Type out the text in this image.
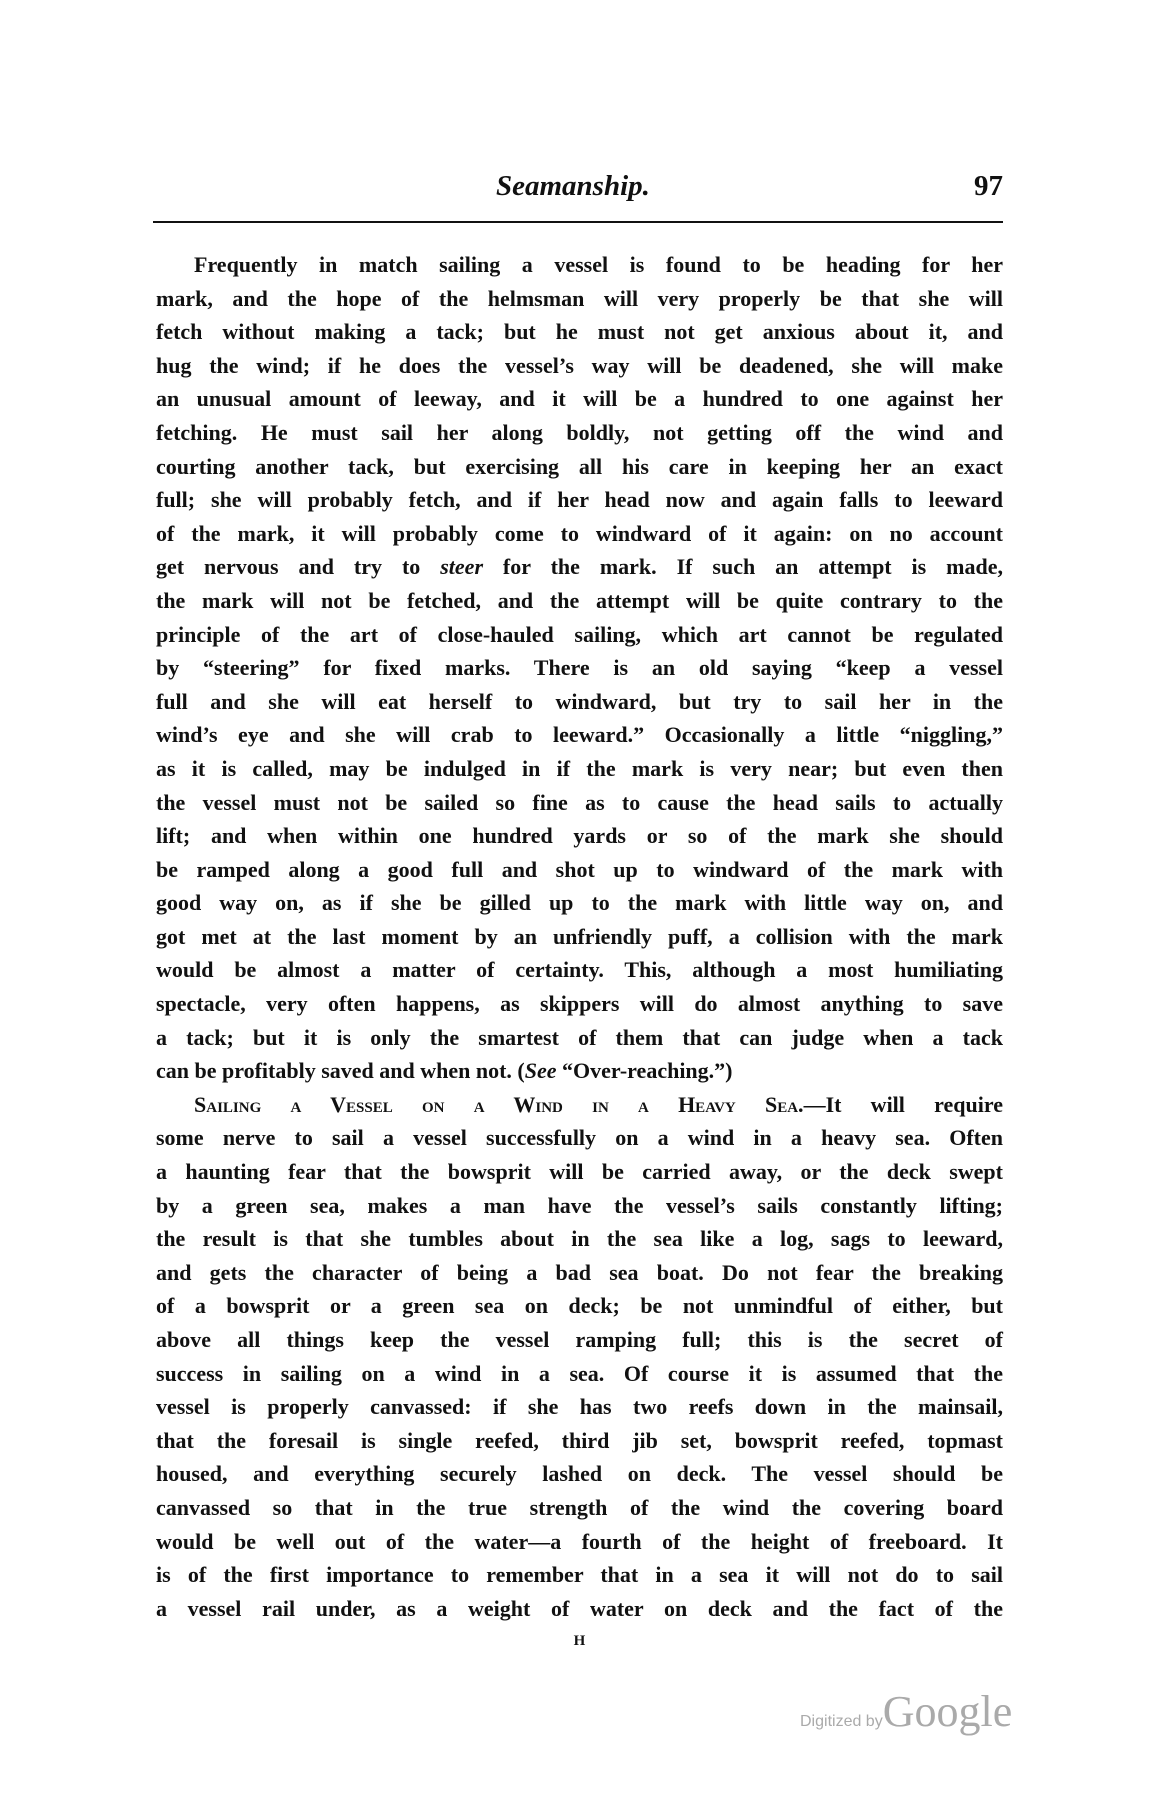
Seamanship.	97
Frequently in match sailing a vessel is found to be heading for her
mark, and the hope of the helmsman will very properly be that she will
fetch without making a tack; but he must not get anxious about it, and
hug the wind; if he does the vessel’s way will be deadened, she will make
an unusual amount of leeway, and it will be a hundred to one against her
fetching. He must sail her along boldly, not getting off the wind and
courting another tack, but exercising all his care in keeping her an exact
full; she will probably fetch, and if her head now and again falls to leeward
of the mark, it will probably come to windward of it again: on no account
get nervous and try to steer for the mark. If such an attempt is made,
the mark will not be fetched, and the attempt will be quite contrary to the
principle of the art of close-hauled sailing, which art cannot be regulated
by “steering” for fixed marks. There is an old saying “keep a vessel
full and she will eat herself to windward, but try to sail her in the
wind’s eye and she will crab to leeward.” Occasionally a little “niggling,”
as it is called, may be indulged in if the mark is very near; but even then
the vessel must not be sailed so fine as to cause the head sails to actually
lift; and when within one hundred yards or so of the mark she should
be ramped along a good full and shot up to windward of the mark with
good way on, as if she be gilled up to the mark with little way on, and
got met at the last moment by an unfriendly puff, a collision with the mark
would be almost a matter of certainty. This, although a most humiliating
spectacle, very often happens, as skippers will do almost anything to save
a tack; but it is only the smartest of them that can judge when a tack
can be profitably saved and when not. (See “Over-reaching.”)
Sailing a Vessel on a Wind in a Heavy Sea.—It will require
some nerve to sail a vessel successfully on a wind in a heavy sea. Often
a haunting fear that the bowsprit will be carried away, or the deck swept
by a green sea, makes a man have the vessel’s sails constantly lifting;
the result is that she tumbles about in the sea like a log, sags to leeward,
and gets the character of being a bad sea boat. Do not fear the breaking
of a bowsprit or a green sea on deck; be not unmindful of either, but
above all things keep the vessel ramping full; this is the secret of
success in sailing on a wind in a sea. Of course it is assumed that the
vessel is properly canvassed: if she has two reefs down in the mainsail,
that the foresail is single reefed, third jib set, bowsprit reefed, topmast
housed, and everything securely lashed on deck. The vessel should be
canvassed so that in the true strength of the wind the covering board
would be well out of the water—a fourth of the height of freeboard. It
is of the first importance to remember that in a sea it will not do to sail
a vessel rail under, as a weight of water on deck and the fact of the
H
Digitized byGoogle
